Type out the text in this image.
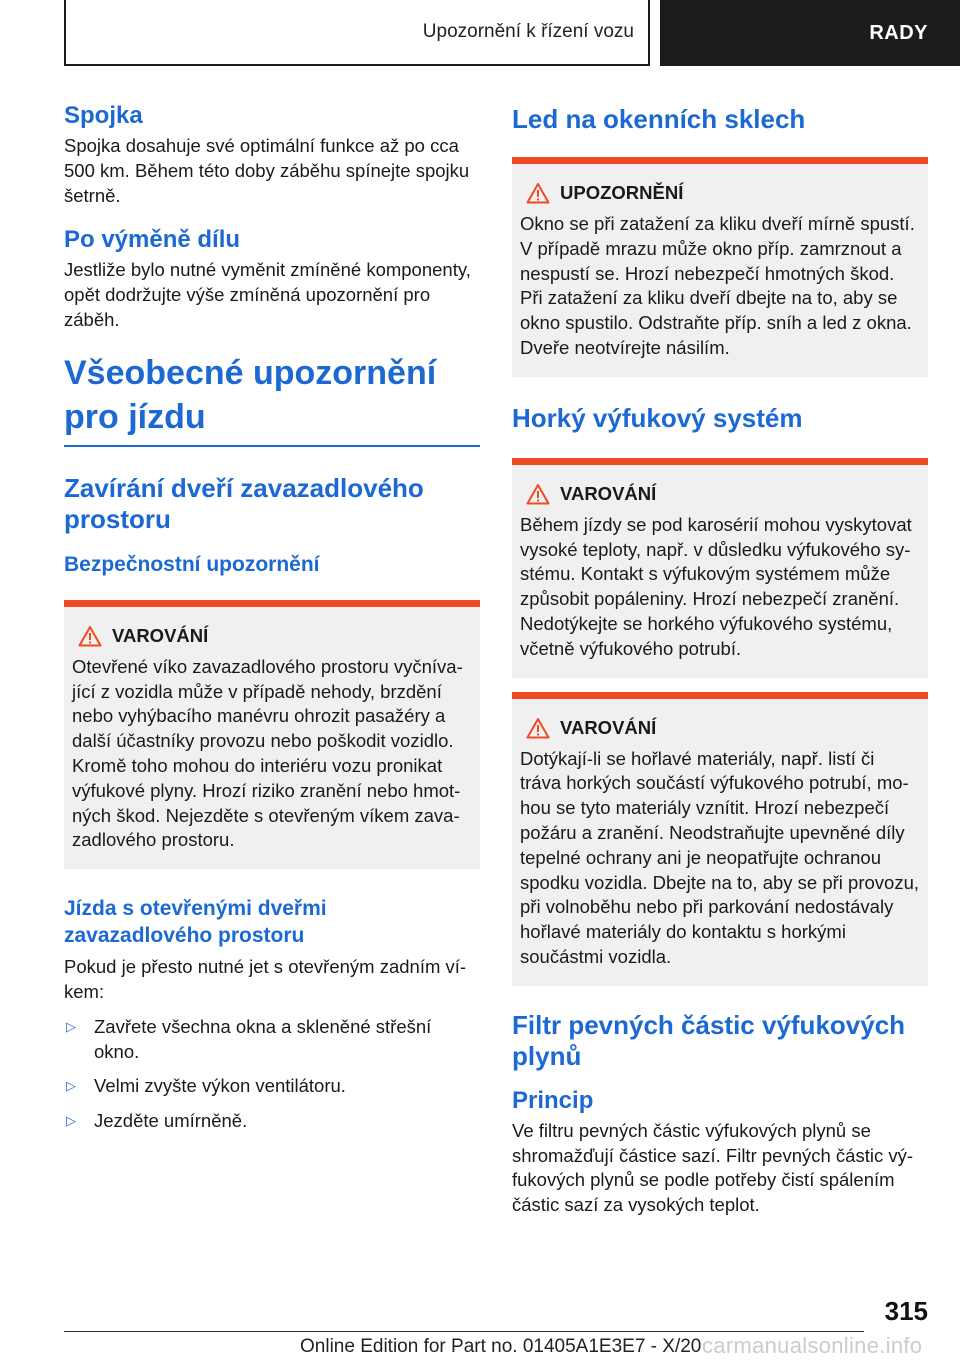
Upozornění k řízení vozu	RADY
Spojka
Spojka dosahuje své optimální funkce až po cca 500 km. Během této doby záběhu spínejte spojku šetrně.
Po výměně dílu
Jestliže bylo nutné vyměnit zmíněné komponenty, opět dodržujte výše zmíněná upozornění pro záběh.
Všeobecné upozornění pro jízdu
Zavírání dveří zavazadlového prostoru
Bezpečnostní upozornění
VAROVÁNÍ
Otevřené víko zavazadlového prostoru vyčnívající z vozidla může v případě nehody, brzdění nebo vyhýbacího manévru ohrozit pasažéry a další účastníky provozu nebo poškodit vozidlo. Kromě toho mohou do interiéru vozu pronikat výfukové plyny. Hrozí riziko zranění nebo hmotných škod. Nejezděte s otevřeným víkem zavazadlového prostoru.
Jízda s otevřenými dveřmi zavazadlového prostoru
Pokud je přesto nutné jet s otevřeným zadním víkem:
▷ Zavřete všechna okna a skleněné střešní okno.
▷ Velmi zvyšte výkon ventilátoru.
▷ Jezděte umírněně.
Led na okenních sklech
UPOZORNĚNÍ
Okno se při zatažení za kliku dveří mírně spustí. V případě mrazu může okno příp. zamrznout a nespustí se. Hrozí nebezpečí hmotných škod. Při zatažení za kliku dveří dbejte na to, aby se okno spustilo. Odstraňte příp. sníh a led z okna. Dveře neotvírejte násilím.
Horký výfukový systém
VAROVÁNÍ
Během jízdy se pod karosérií mohou vyskytovat vysoké teploty, např. v důsledku výfukového systému. Kontakt s výfukovým systémem může způsobit popáleniny. Hrozí nebezpečí zranění. Nedotýkejte se horkého výfukového systému, včetně výfukového potrubí.
VAROVÁNÍ
Dotýkají-li se hořlavé materiály, např. listí či tráva horkých součástí výfukového potrubí, mohou se tyto materiály vznítit. Hrozí nebezpečí požáru a zranění. Neodstraňujte upevněné díly tepelné ochrany ani je neopatřujte ochranou spodku vozidla. Dbejte na to, aby se při provozu, při volnoběhu nebo při parkování nedostávaly hořlavé materiály do kontaktu s horkými součástmi vozidla.
Filtr pevných částic výfukových plynů
Princip
Ve filtru pevných částic výfukových plynů se shromažďují částice sazí. Filtr pevných částic výfukových plynů se podle potřeby čistí spálením částic sazí za vysokých teplot.
315
Online Edition for Part no. 01405A1E3E7 - X/20 carmanualsonline.info
